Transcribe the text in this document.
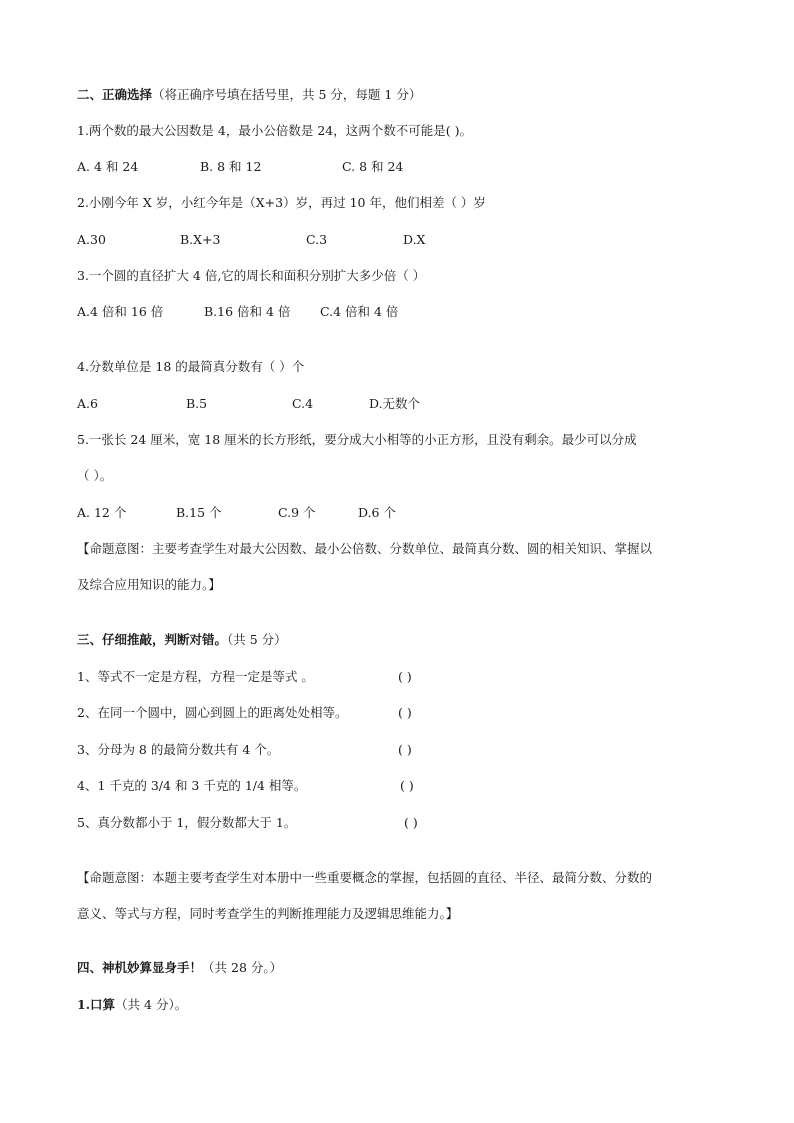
二、正确选择（将正确序号填在括号里，共 5 分，每题 1 分）
1.两个数的最大公因数是 4，最小公倍数是 24，这两个数不可能是( )。
A. 4 和 24	B. 8 和 12	C. 8 和 24
2.小刚今年 X 岁，小红今年是（X+3）岁，再过 10 年，他们相差（ ）岁
A.30	B.X+3	C.3	D.X
3.一个圆的直径扩大 4 倍,它的周长和面积分别扩大多少倍（ ）
A.4 倍和 16 倍	B.16 倍和 4 倍 C.4 倍和 4 倍
4.分数单位是 18 的最简真分数有（ ）个
A.6	B.5	C.4	D.无数个
5.一张长 24 厘米，宽 18 厘米的长方形纸，要分成大小相等的小正方形，且没有剩余。最少可以分成
（ ）。
A. 12 个	B.15 个	C.9 个	D.6 个
【命题意图：主要考查学生对最大公因数、最小公倍数、分数单位、最简真分数、圆的相关知识、掌握以
及综合应用知识的能力。】
三、仔细推敲，判断对错。（共 5 分）
1、等式不一定是方程，方程一定是等式 。	( )
2、在同一个圆中，圆心到圆上的距离处处相等。	( )
3、分母为 8 的最简分数共有 4 个。	( )
4、1 千克的 3/4 和 3 千克的 1/4 相等。	( )
5、真分数都小于 1，假分数都大于 1。	( )
【命题意图：本题主要考查学生对本册中一些重要概念的掌握，包括圆的直径、半径、最简分数、分数的
意义、等式与方程，同时考查学生的判断推理能力及逻辑思维能力。】
四、神机妙算显身手！（共 28 分。）
1.口算（共 4 分）。
